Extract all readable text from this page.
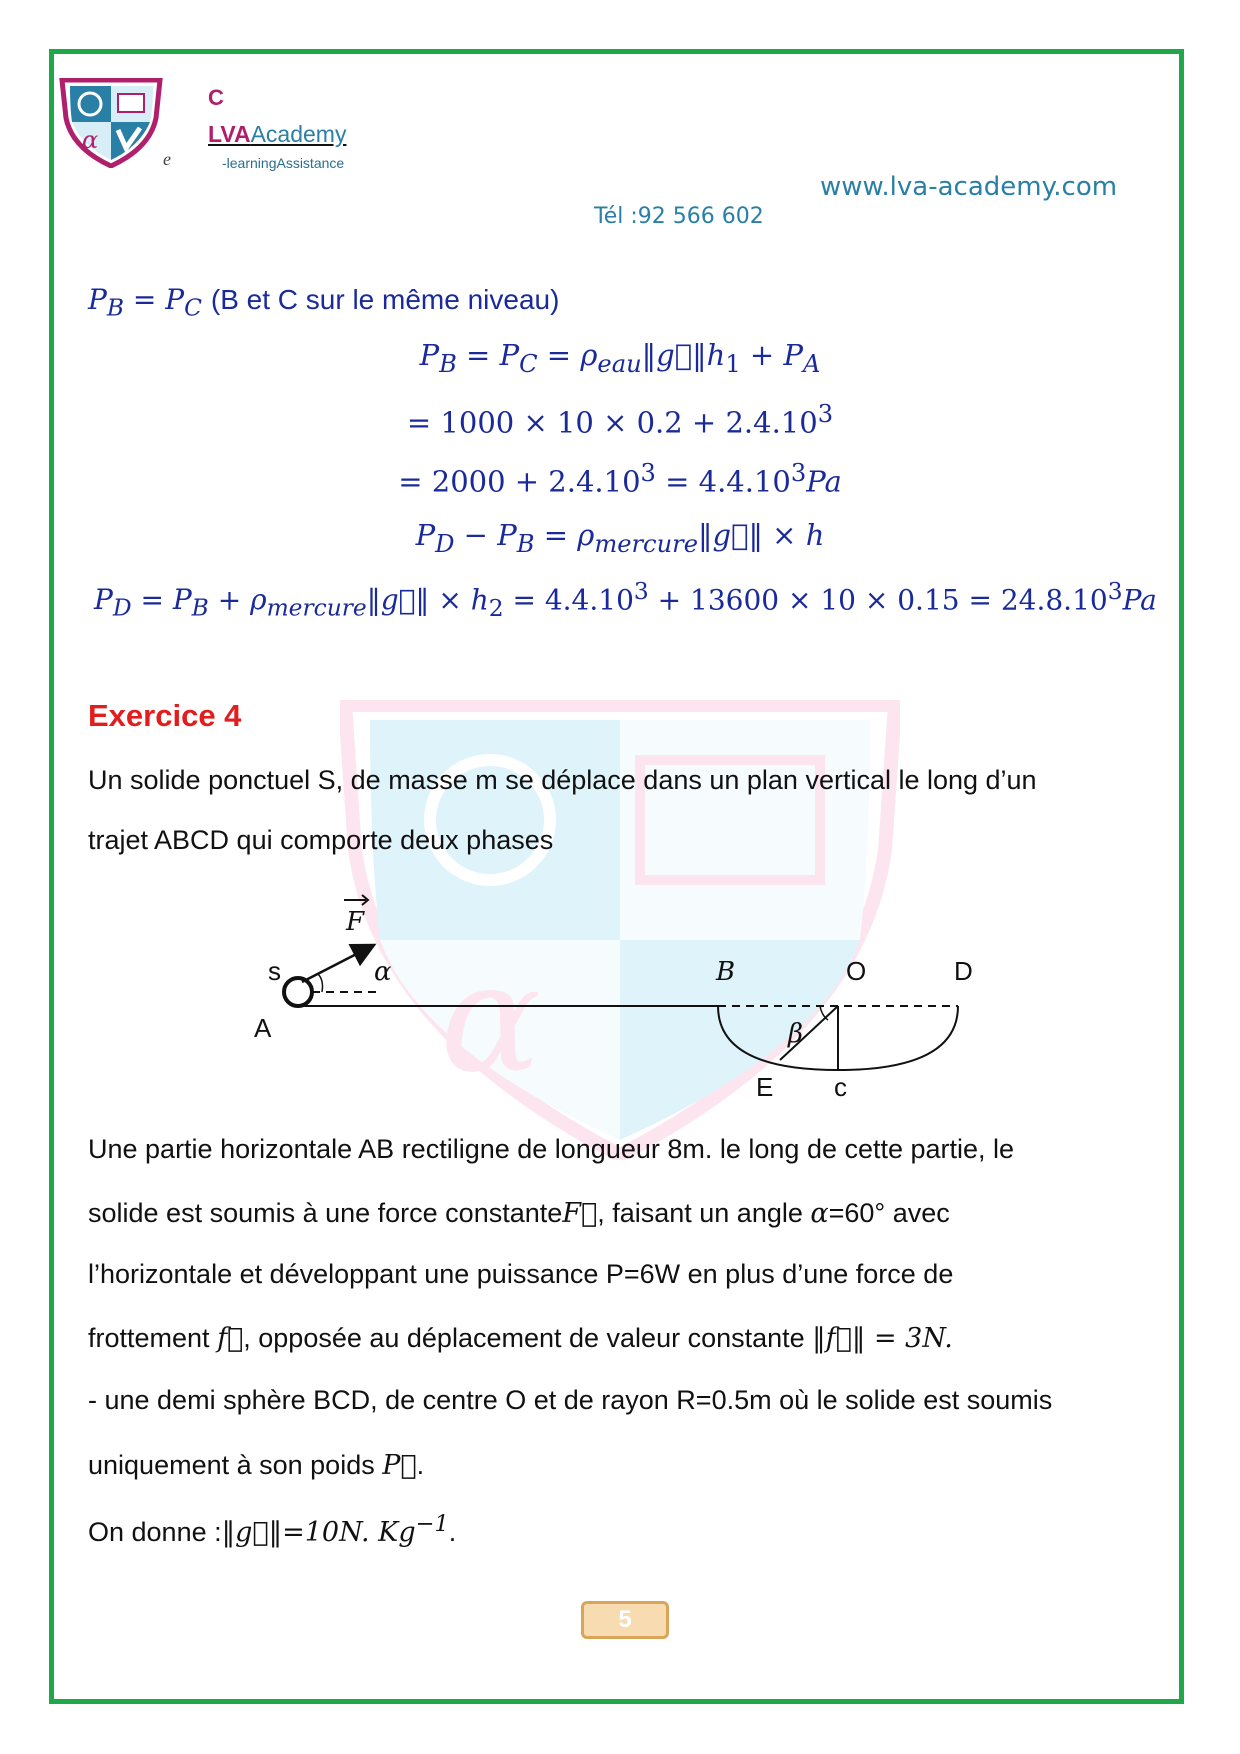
α
C
LVAAcademy
-learningAssistance
e
www.lva-academy.com
Tél :92 566 602
α
$P_B = P_C$ (B et C sur le même niveau)
$P_B = P_C$ = $\rho_{eau}‖g⃗‖h_1 + P_A$
= $1000 \times 10 \times 0.2 + 2.4.10^3$
= $2000 + 2.4.10^3 = 4.4.10^3Pa$
$P_D - P_B$ = $\rho_{mercure}‖g⃗‖ \times h$
$P_D = P_B$ + $\rho_{mercure}‖g⃗‖ \times h_2 = 4.4.10^3 + 13600 \times 10 \times 0.15 = 24.8.10^3Pa$
Exercice 4
Un solide ponctuel S, de masse m se déplace dans un plan vertical le long d’un
trajet ABCD qui comporte deux phases
F
s	α
A
B	O	D
β
E c
Une partie horizontale AB rectiligne de longueur 8m. le long de cette partie, le
solide est soumis à une force constanteF⃗, faisant un angle α=60° avec
l’horizontale et développant une puissance P=6W en plus d’une force de
frottement f⃗, opposée au déplacement de valeur constante ‖f⃗‖ = 3N.
- une demi sphère BCD, de centre O et de rayon R=0.5m où le solide est soumis
uniquement à son poids P⃗.
On donne :‖g⃗‖=10N. $Kg^{-1}$.
5
